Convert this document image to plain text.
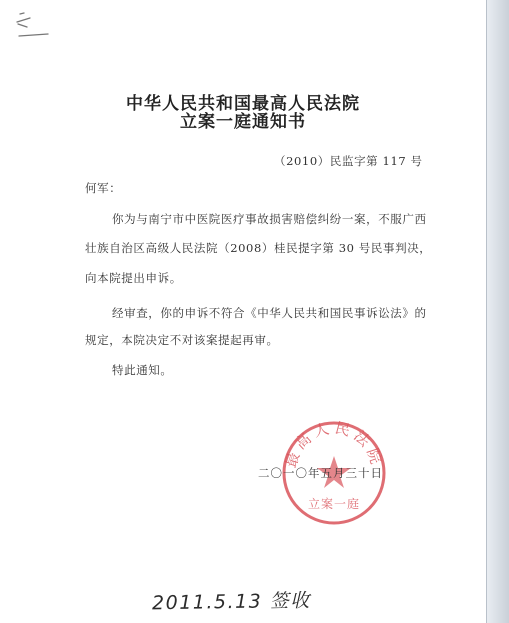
中华人民共和国最高人民法院
立案一庭通知书
（2010）民监字第 117 号
何军：
你为与南宁市中医院医疗事故损害赔偿纠纷一案，不服广西
壮族自治区高级人民法院（2008）桂民提字第 30 号民事判决，
向本院提出申诉。
经审查，你的申诉不符合《中华人民共和国民事诉讼法》的
规定，本院决定不对该案提起再审。
特此通知。
最高人民法院
立案一庭
二〇一〇年五月三十日
2011.5.13 签收
